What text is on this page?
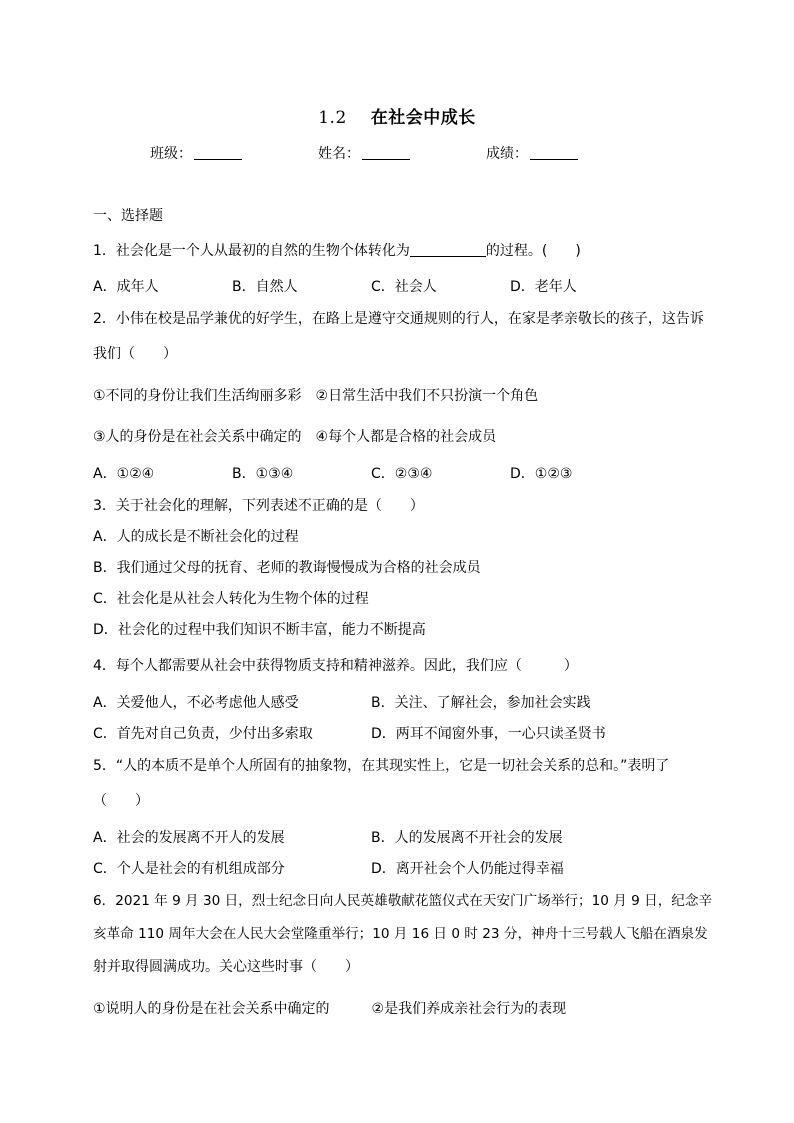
1.2 在社会中成长
班级：	姓名：	成绩：
一、选择题
1．社会化是一个人从最初的自然的生物个体转化为	的过程。(　　)
A．成年人	B．自然人	C．社会人	D．老年人
2．小伟在校是品学兼优的好学生，在路上是遵守交通规则的行人，在家是孝亲敬长的孩子，这告诉
我们（　　）
①不同的身份让我们生活绚丽多彩　②日常生活中我们不只扮演一个角色
③人的身份是在社会关系中确定的　④每个人都是合格的社会成员
A．①②④	B．①③④	C．②③④	D．①②③
3．关于社会化的理解，下列表述不正确的是（　　）
A．人的成长是不断社会化的过程
B．我们通过父母的抚育、老师的教诲慢慢成为合格的社会成员
C．社会化是从社会人转化为生物个体的过程
D．社会化的过程中我们知识不断丰富，能力不断提高
4．每个人都需要从社会中获得物质支持和精神滋养。因此，我们应（　　　）
A．关爱他人，不必考虑他人感受	B．关注、了解社会，参加社会实践
C．首先对自己负责，少付出多索取	D．两耳不闻窗外事，一心只读圣贤书
5．“人的本质不是单个人所固有的抽象物，在其现实性上，它是一切社会关系的总和。”表明了
（　　）
A．社会的发展离不开人的发展	B．人的发展离不开社会的发展
C．个人是社会的有机组成部分	D．离开社会个人仍能过得幸福
6．2021 年 9 月 30 日，烈士纪念日向人民英雄敬献花篮仪式在天安门广场举行；10 月 9 日，纪念辛
亥革命 110 周年大会在人民大会堂隆重举行；10 月 16 日 0 时 23 分，神舟十三号载人飞船在酒泉发
射并取得圆满成功。关心这些时事（　　）
①说明人的身份是在社会关系中确定的　　　②是我们养成亲社会行为的表现
